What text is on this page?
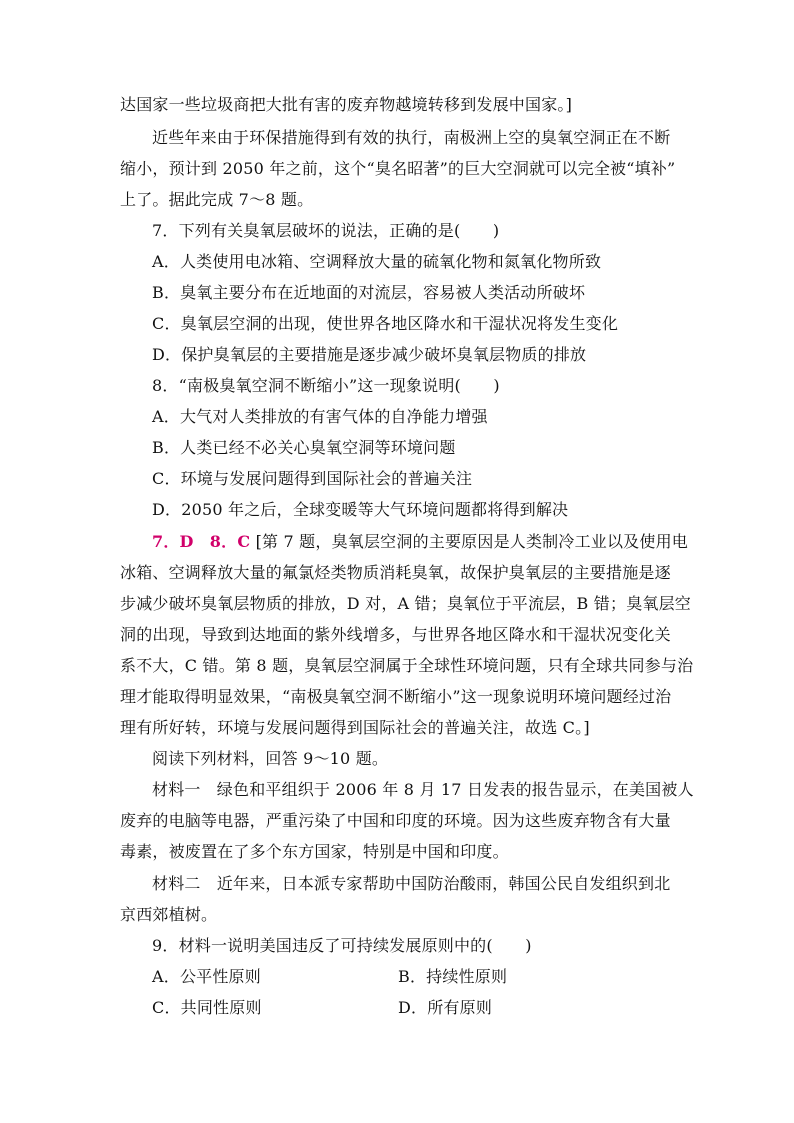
达国家一些垃圾商把大批有害的废弃物越境转移到发展中国家。]
近些年来由于环保措施得到有效的执行，南极洲上空的臭氧空洞正在不断
缩小，预计到 2050 年之前，这个“臭名昭著”的巨大空洞就可以完全被“填补”
上了。据此完成 7～8 题。
7．下列有关臭氧层破坏的说法，正确的是(　　)
A．人类使用电冰箱、空调释放大量的硫氧化物和氮氧化物所致
B．臭氧主要分布在近地面的对流层，容易被人类活动所破坏
C．臭氧层空洞的出现，使世界各地区降水和干湿状况将发生变化
D．保护臭氧层的主要措施是逐步减少破坏臭氧层物质的排放
8．“南极臭氧空洞不断缩小”这一现象说明(　　)
A．大气对人类排放的有害气体的自净能力增强
B．人类已经不必关心臭氧空洞等环境问题
C．环境与发展问题得到国际社会的普遍关注
D．2050 年之后，全球变暖等大气环境问题都将得到解决
7．D　8．C [第 7 题，臭氧层空洞的主要原因是人类制冷工业以及使用电
冰箱、空调释放大量的氟氯烃类物质消耗臭氧，故保护臭氧层的主要措施是逐
步减少破坏臭氧层物质的排放，D 对，A 错；臭氧位于平流层，B 错；臭氧层空
洞的出现，导致到达地面的紫外线增多，与世界各地区降水和干湿状况变化关
系不大，C 错。第 8 题，臭氧层空洞属于全球性环境问题，只有全球共同参与治
理才能取得明显效果，“南极臭氧空洞不断缩小”这一现象说明环境问题经过治
理有所好转，环境与发展问题得到国际社会的普遍关注，故选 C。]
阅读下列材料，回答 9～10 题。
材料一　绿色和平组织于 2006 年 8 月 17 日发表的报告显示，在美国被人
废弃的电脑等电器，严重污染了中国和印度的环境。因为这些废弃物含有大量
毒素，被废置在了多个东方国家，特别是中国和印度。
材料二　近年来，日本派专家帮助中国防治酸雨，韩国公民自发组织到北
京西郊植树。
9．材料一说明美国违反了可持续发展原则中的(　　)
A．公平性原则	B．持续性原则
C．共同性原则	D．所有原则
